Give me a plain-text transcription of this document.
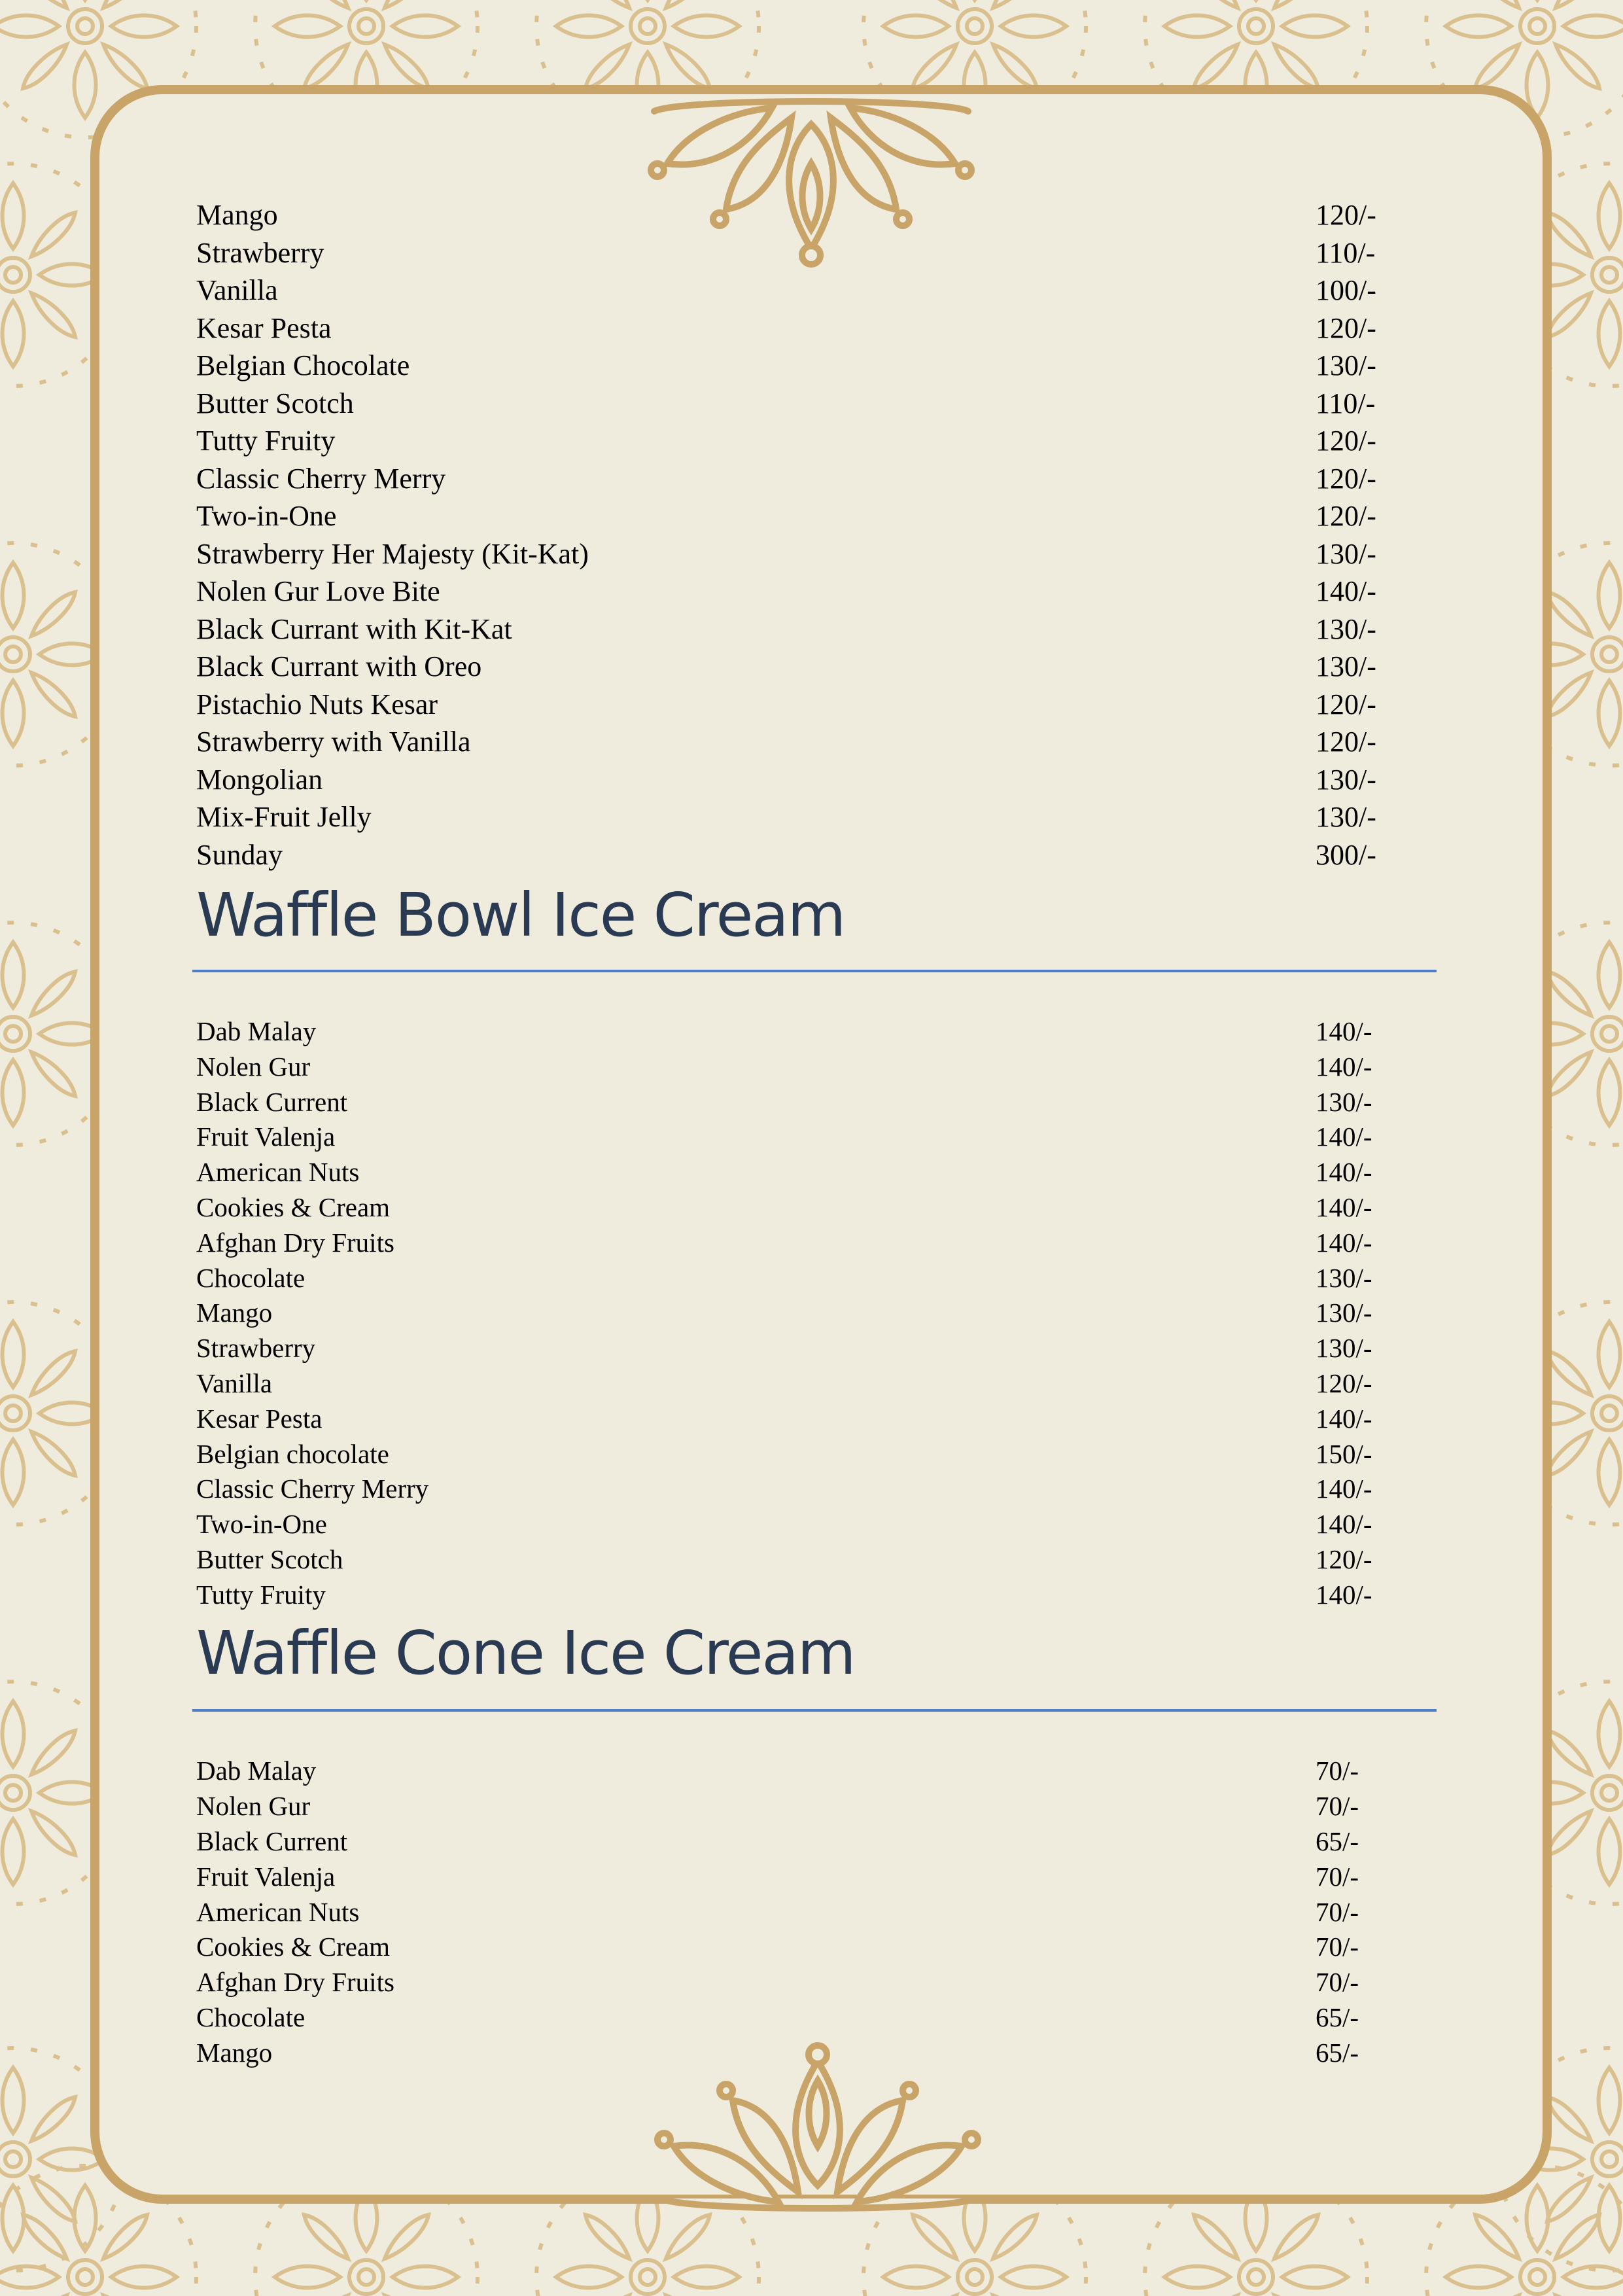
Mango	120/-
Strawberry	110/-
Vanilla	100/-
Kesar Pesta	120/-
Belgian Chocolate	130/-
Butter Scotch	110/-
Tutty Fruity	120/-
Classic Cherry Merry	120/-
Two-in-One	120/-
Strawberry Her Majesty (Kit-Kat)	130/-
Nolen Gur Love Bite	140/-
Black Currant with Kit-Kat	130/-
Black Currant with Oreo	130/-
Pistachio Nuts Kesar	120/-
Strawberry with Vanilla	120/-
Mongolian	130/-
Mix-Fruit Jelly	130/-
Sunday	300/-
Waffle Bowl Ice Cream
Dab Malay	140/-
Nolen Gur	140/-
Black Current	130/-
Fruit Valenja	140/-
American Nuts	140/-
Cookies & Cream	140/-
Afghan Dry Fruits	140/-
Chocolate	130/-
Mango	130/-
Strawberry	130/-
Vanilla	120/-
Kesar Pesta	140/-
Belgian chocolate	150/-
Classic Cherry Merry	140/-
Two-in-One	140/-
Butter Scotch	120/-
Tutty Fruity	140/-
Waffle Cone Ice Cream
Dab Malay	70/-
Nolen Gur	70/-
Black Current	65/-
Fruit Valenja	70/-
American Nuts	70/-
Cookies & Cream	70/-
Afghan Dry Fruits	70/-
Chocolate	65/-
Mango	65/-
